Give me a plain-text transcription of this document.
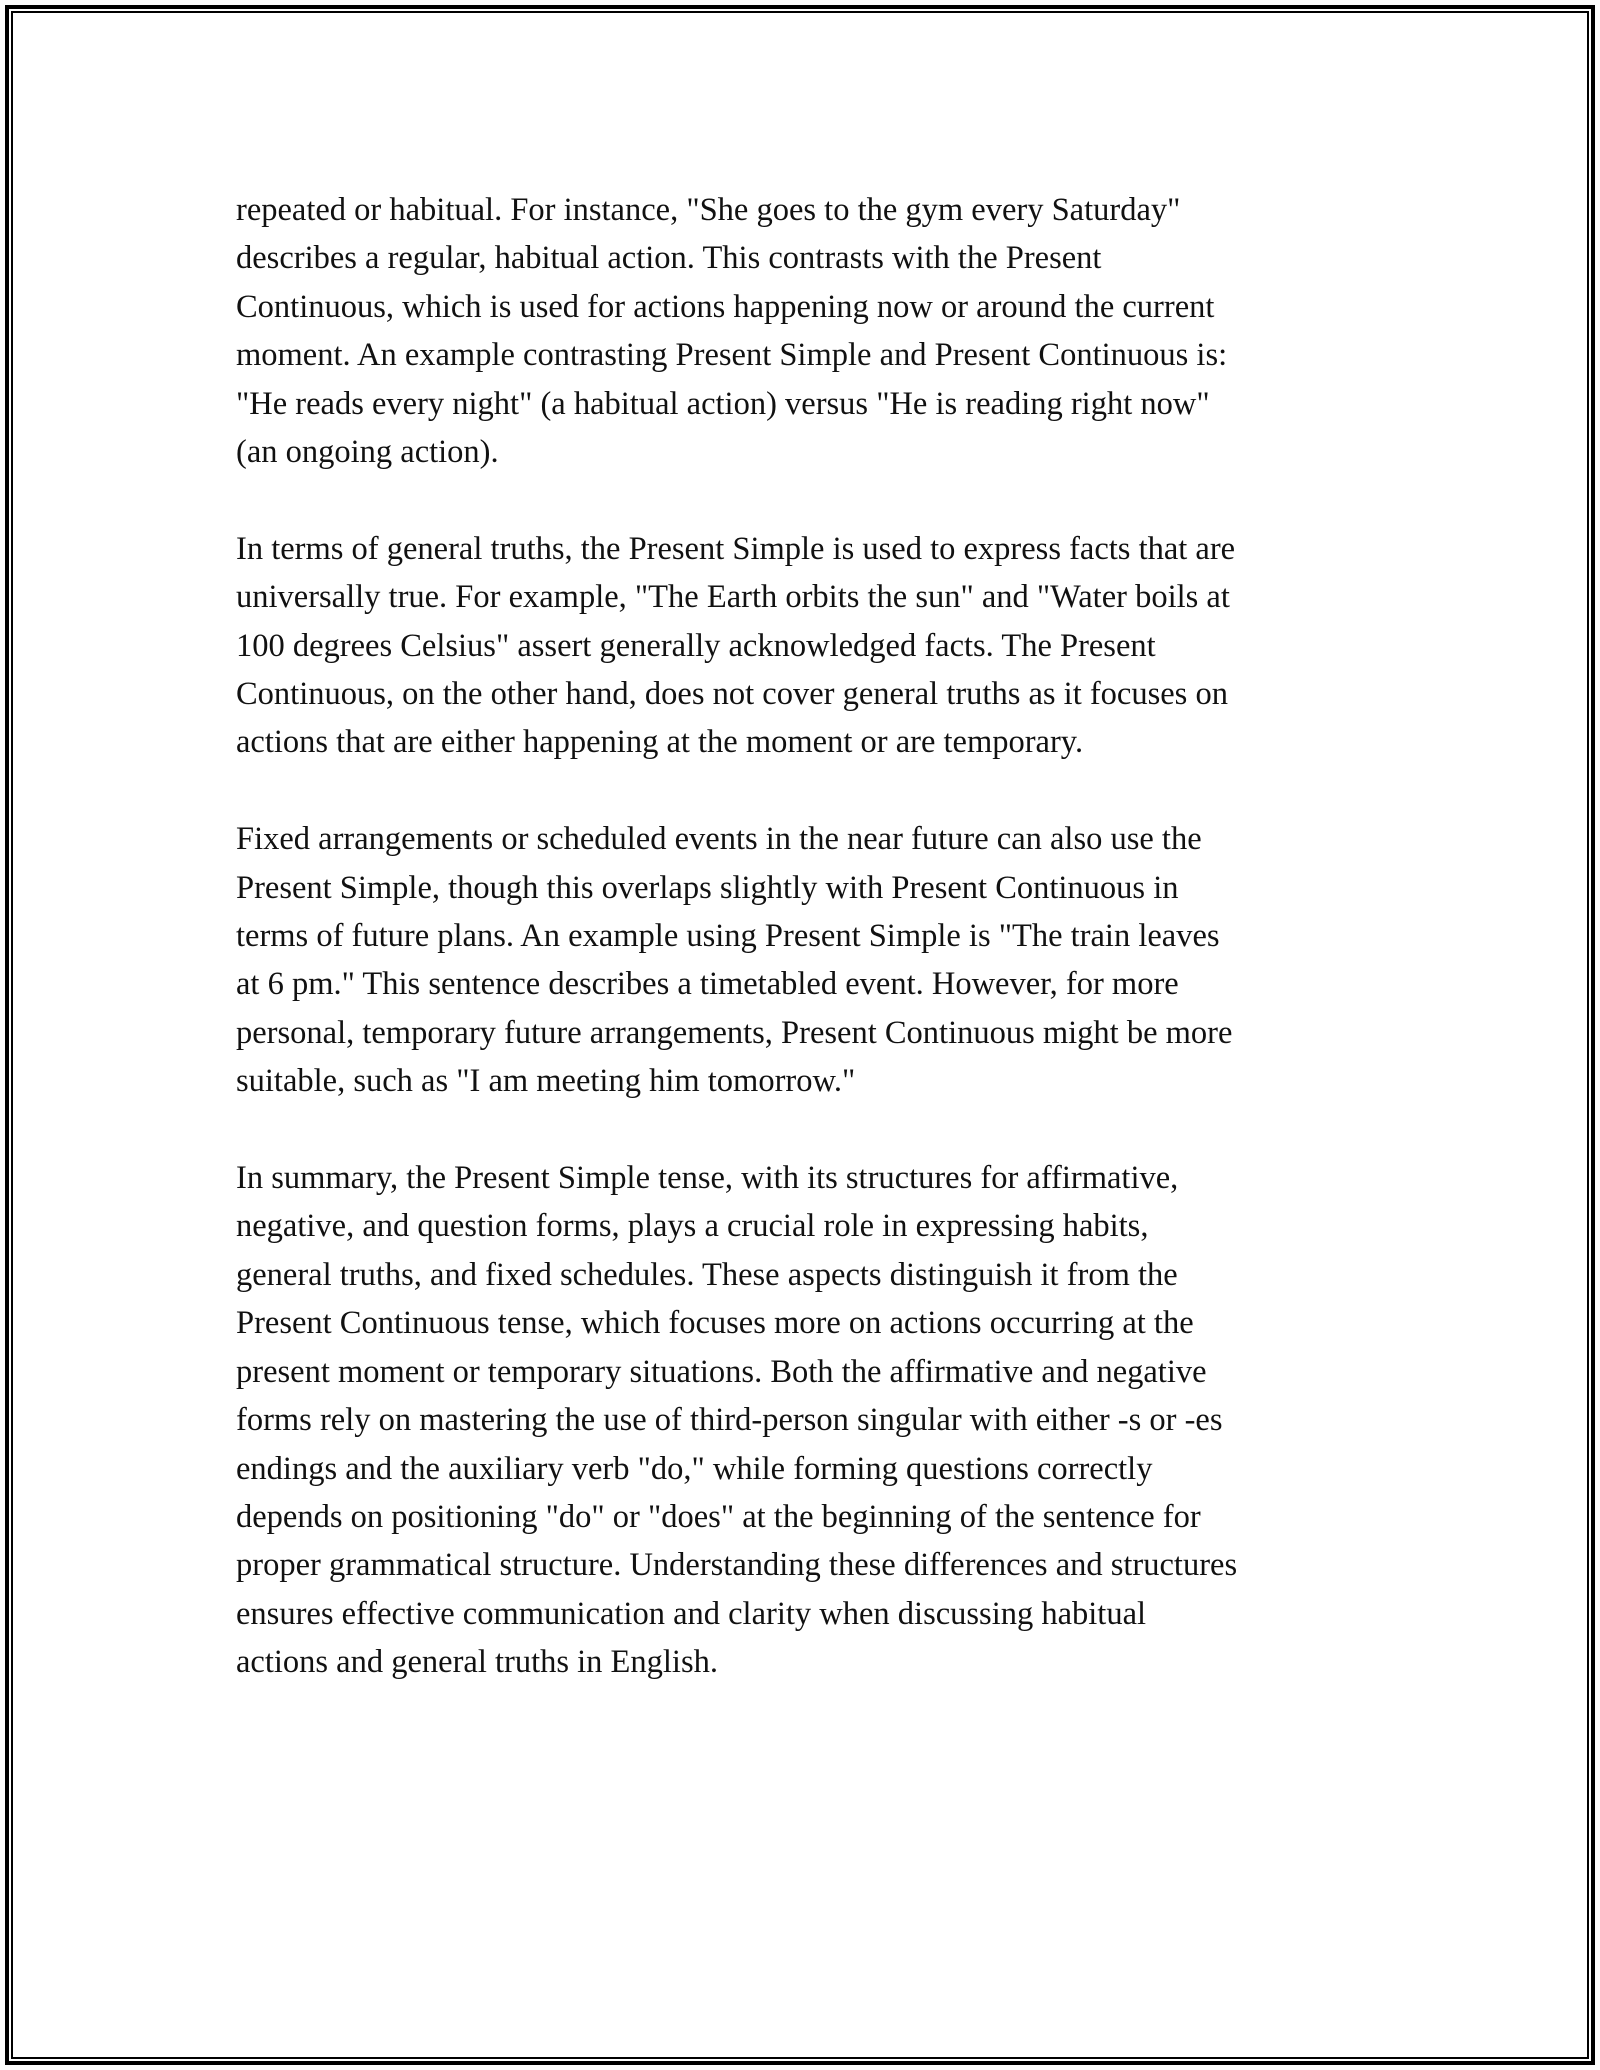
repeated or habitual. For instance, "She goes to the gym every Saturday"
describes a regular, habitual action. This contrasts with the Present
Continuous, which is used for actions happening now or around the current
moment. An example contrasting Present Simple and Present Continuous is:
"He reads every night" (a habitual action) versus "He is reading right now"
(an ongoing action).

In terms of general truths, the Present Simple is used to express facts that are
universally true. For example, "The Earth orbits the sun" and "Water boils at
100 degrees Celsius" assert generally acknowledged facts. The Present
Continuous, on the other hand, does not cover general truths as it focuses on
actions that are either happening at the moment or are temporary.

Fixed arrangements or scheduled events in the near future can also use the
Present Simple, though this overlaps slightly with Present Continuous in
terms of future plans. An example using Present Simple is "The train leaves
at 6 pm." This sentence describes a timetabled event. However, for more
personal, temporary future arrangements, Present Continuous might be more
suitable, such as "I am meeting him tomorrow."

In summary, the Present Simple tense, with its structures for affirmative,
negative, and question forms, plays a crucial role in expressing habits,
general truths, and fixed schedules. These aspects distinguish it from the
Present Continuous tense, which focuses more on actions occurring at the
present moment or temporary situations. Both the affirmative and negative
forms rely on mastering the use of third-person singular with either -s or -es
endings and the auxiliary verb "do," while forming questions correctly
depends on positioning "do" or "does" at the beginning of the sentence for
proper grammatical structure. Understanding these differences and structures
ensures effective communication and clarity when discussing habitual
actions and general truths in English.
